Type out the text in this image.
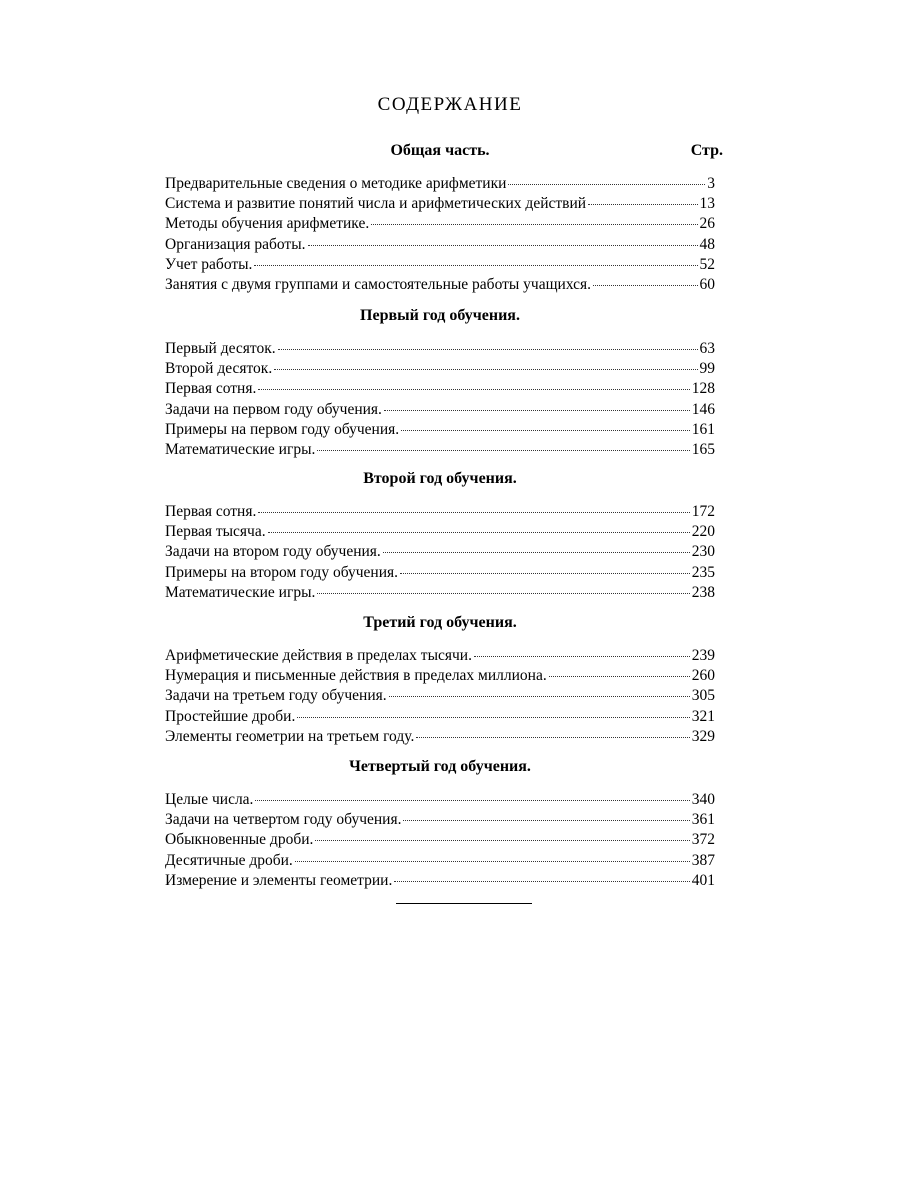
СОДЕРЖАНИЕ
Общая часть.	Стр.
Предварительные сведения о методике арифметики	3
Система и развитие понятий числа и арифметических действий	13
Методы обучения арифметике.	26
Организация работы.	48
Учет работы.	52
Занятия с двумя группами и самостоятельные работы учащихся.	60
Первый год обучения.
Первый десяток.	63
Второй десяток.	99
Первая сотня.	128
Задачи на первом году обучения.	146
Примеры на первом году обучения.	161
Математические игры.	165
Второй год обучения.
Первая сотня.	172
Первая тысяча.	220
Задачи на втором году обучения.	230
Примеры на втором году обучения.	235
Математические игры.	238
Третий год обучения.
Арифметические действия в пределах тысячи.	239
Нумерация и письменные действия в пределах миллиона.	260
Задачи на третьем году обучения.	305
Простейшие дроби.	321
Элементы геометрии на третьем году.	329
Четвертый год обучения.
Целые числа.	340
Задачи на четвертом году обучения.	361
Обыкновенные дроби.	372
Десятичные дроби.	387
Измерение и элементы геометрии.	401
